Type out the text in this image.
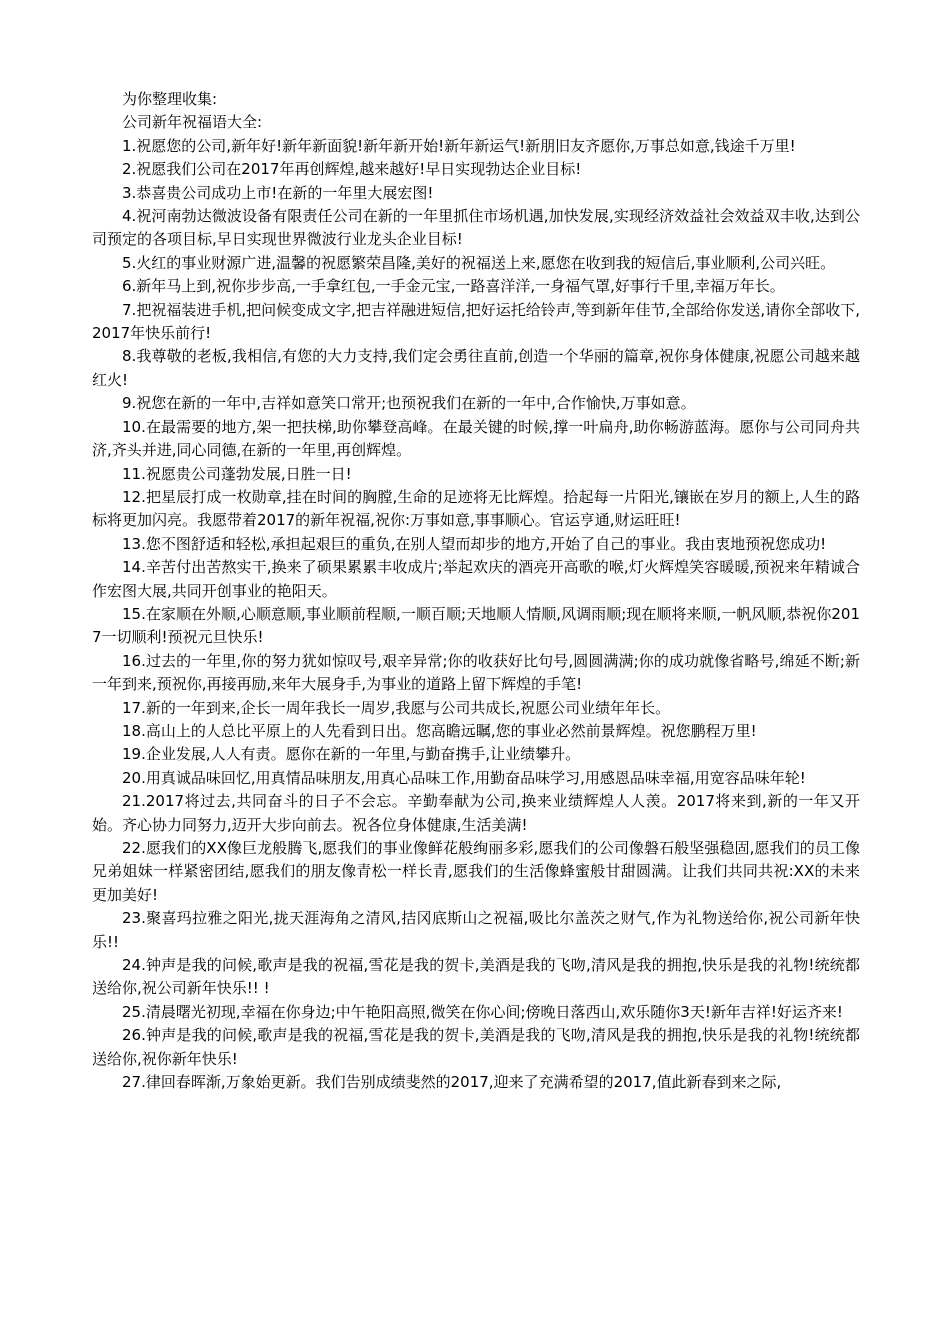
为你整理收集:

公司新年祝福语大全:

1.祝愿您的公司,新年好!新年新面貌!新年新开始!新年新运气!新朋旧友齐愿你,万事总如意,钱途千万里!

2.祝愿我们公司在2017年再创辉煌,越来越好!早日实现勃达企业目标!

3.恭喜贵公司成功上市!在新的一年里大展宏图!

4.祝河南勃达微波设备有限责任公司在新的一年里抓住市场机遇,加快发展,实现经济效益社会效益双丰收,达到公司预定的各项目标,早日实现世界微波行业龙头企业目标!

5.火红的事业财源广进,温馨的祝愿繁荣昌隆,美好的祝福送上来,愿您在收到我的短信后,事业顺利,公司兴旺。

6.新年马上到,祝你步步高,一手拿红包,一手金元宝,一路喜洋洋,一身福气罩,好事行千里,幸福万年长。

7.把祝福装进手机,把问候变成文字,把吉祥融进短信,把好运托给铃声,等到新年佳节,全部给你发送,请你全部收下,2017年快乐前行!

8.我尊敬的老板,我相信,有您的大力支持,我们定会勇往直前,创造一个华丽的篇章,祝你身体健康,祝愿公司越来越红火!

9.祝您在新的一年中,吉祥如意笑口常开;也预祝我们在新的一年中,合作愉快,万事如意。

10.在最需要的地方,架一把扶梯,助你攀登高峰。在最关键的时候,撑一叶扁舟,助你畅游蓝海。愿你与公司同舟共济,齐头并进,同心同德,在新的一年里,再创辉煌。

11.祝愿贵公司蓬勃发展,日胜一日!

12.把星辰打成一枚勋章,挂在时间的胸膛,生命的足迹将无比辉煌。拾起每一片阳光,镶嵌在岁月的额上,人生的路标将更加闪亮。我愿带着2017的新年祝福,祝你:万事如意,事事顺心。官运亨通,财运旺旺!

13.您不图舒适和轻松,承担起艰巨的重负,在别人望而却步的地方,开始了自己的事业。我由衷地预祝您成功!

14.辛苦付出苦熬实干,换来了硕果累累丰收成片;举起欢庆的酒亮开高歌的喉,灯火辉煌笑容暖暖,预祝来年精诚合作宏图大展,共同开创事业的艳阳天。

15.在家顺在外顺,心顺意顺,事业顺前程顺,一顺百顺;天地顺人情顺,风调雨顺;现在顺将来顺,一帆风顺,恭祝你2017一切顺利!预祝元旦快乐!

16.过去的一年里,你的努力犹如惊叹号,艰辛异常;你的收获好比句号,圆圆满满;你的成功就像省略号,绵延不断;新一年到来,预祝你,再接再励,来年大展身手,为事业的道路上留下辉煌的手笔!

17.新的一年到来,企长一周年我长一周岁,我愿与公司共成长,祝愿公司业绩年年长。

18.高山上的人总比平原上的人先看到日出。您高瞻远瞩,您的事业必然前景辉煌。祝您鹏程万里!

19.企业发展,人人有责。愿你在新的一年里,与勤奋携手,让业绩攀升。

20.用真诚品味回忆,用真情品味朋友,用真心品味工作,用勤奋品味学习,用感恩品味幸福,用宽容品味年轮!

21.2017将过去,共同奋斗的日子不会忘。辛勤奉献为公司,换来业绩辉煌人人羡。2017将来到,新的一年又开始。齐心协力同努力,迈开大步向前去。祝各位身体健康,生活美满!

22.愿我们的XX像巨龙般腾飞,愿我们的事业像鲜花般绚丽多彩,愿我们的公司像磐石般坚强稳固,愿我们的员工像兄弟姐妹一样紧密团结,愿我们的朋友像青松一样长青,愿我们的生活像蜂蜜般甘甜圆满。让我们共同共祝:XX的未来更加美好!

23.聚喜玛拉雅之阳光,拢天涯海角之清风,拮冈底斯山之祝福,吸比尔盖茨之财气,作为礼物送给你,祝公司新年快乐!!

24.钟声是我的问候,歌声是我的祝福,雪花是我的贺卡,美酒是我的飞吻,清风是我的拥抱,快乐是我的礼物!统统都送给你,祝公司新年快乐!! !

25.清晨曙光初现,幸福在你身边;中午艳阳高照,微笑在你心间;傍晚日落西山,欢乐随你3天!新年吉祥!好运齐来!

26.钟声是我的问候,歌声是我的祝福,雪花是我的贺卡,美酒是我的飞吻,清风是我的拥抱,快乐是我的礼物!统统都送给你,祝你新年快乐!

27.律回春晖渐,万象始更新。我们告别成绩斐然的2017,迎来了充满希望的2017,值此新春到来之际,
